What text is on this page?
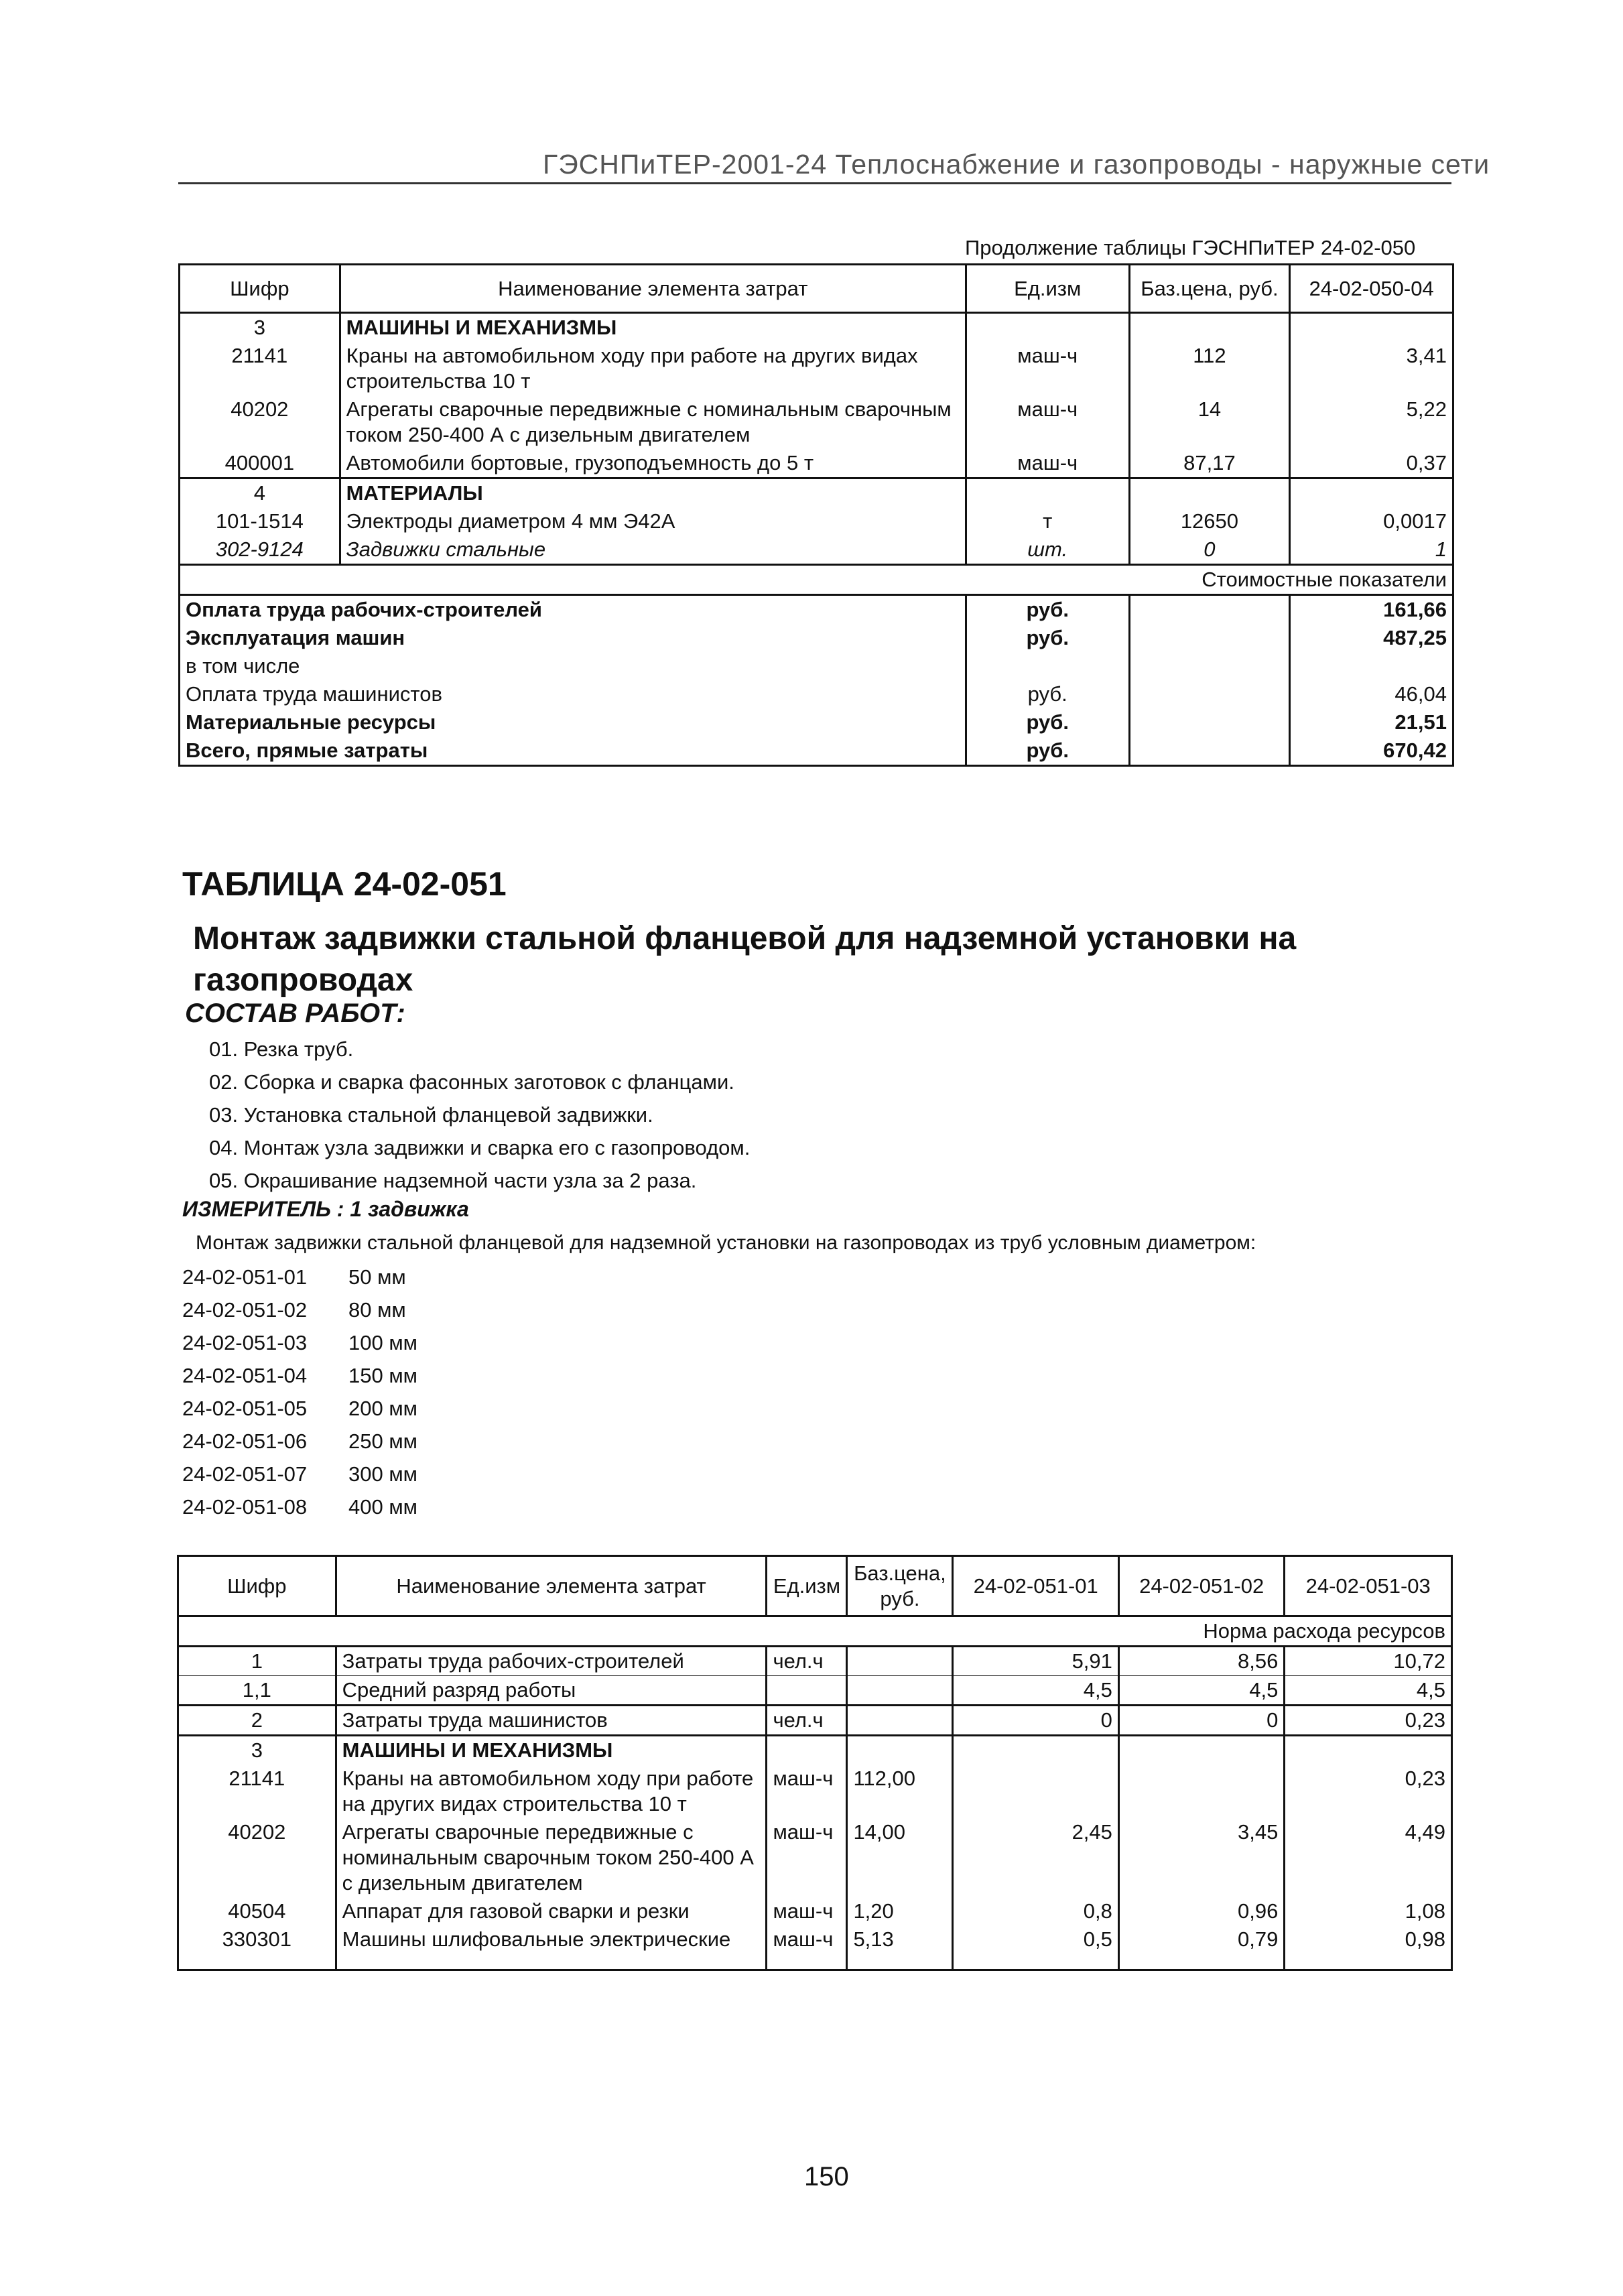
ГЭСНПиТЕР-2001-24 Теплоснабжение и газопроводы - наружные сети
Продолжение таблицы ГЭСНПиТЕР 24-02-050
Шифр	Наименование элемента затрат	Ед.изм	Баз.цена, руб.	24-02-050-04
3	МАШИНЫ И МЕХАНИЗМЫ			
21141	Краны на автомобильном ходу при работе на других видах строительства 10 т	маш-ч	112	3,41
40202	Агрегаты сварочные передвижные с номинальным сварочным током 250-400 А с дизельным двигателем	маш-ч	14	5,22
400001	Автомобили бортовые, грузоподъемность до 5 т	маш-ч	87,17	0,37
4	МАТЕРИАЛЫ			
101-1514	Электроды диаметром 4 мм Э42А	т	12650	0,0017
302-9124	Задвижки стальные	шт.	0	1
Стоимостные показатели				
Оплата труда рабочих-строителей		руб.		161,66
Эксплуатация машин		руб.		487,25
в том числе				
Оплата труда машинистов		руб.		46,04
Материальные ресурсы		руб.		21,51
Всего, прямые затраты		руб.		670,42
ТАБЛИЦА 24-02-051
Монтаж задвижки стальной фланцевой для надземной установки на газопроводах
СОСТАВ РАБОТ:
01. Резка труб.
02. Сборка и сварка фасонных заготовок с фланцами.
03. Установка стальной фланцевой задвижки.
04. Монтаж узла задвижки и сварка его с газопроводом.
05. Окрашивание надземной части узла за 2 раза.
ИЗМЕРИТЕЛЬ : 1 задвижка
Монтаж задвижки стальной фланцевой для надземной установки на газопроводах из труб условным диаметром:
24-02-051-01 50 мм
24-02-051-02 80 мм
24-02-051-03 100 мм
24-02-051-04 150 мм
24-02-051-05 200 мм
24-02-051-06 250 мм
24-02-051-07 300 мм
24-02-051-08 400 мм
Шифр	Наименование элемента затрат	Ед.изм	Баз.цена, руб.	24-02-051-01	24-02-051-02	24-02-051-03
Норма расхода ресурсов						
1	Затраты труда рабочих-строителей	чел.ч		5,91	8,56	10,72
1,1	Средний разряд работы			4,5	4,5	4,5
2	Затраты труда машинистов	чел.ч		0	0	0,23
3	МАШИНЫ И МЕХАНИЗМЫ					
21141	Краны на автомобильном ходу при работе на других видах строительства 10 т	маш-ч	112,00			0,23
40202	Агрегаты сварочные передвижные с номинальным сварочным током 250-400 А с дизельным двигателем	маш-ч	14,00	2,45	3,45	4,49
40504	Аппарат для газовой сварки и резки	маш-ч	1,20	0,8	0,96	1,08
330301	Машины шлифовальные электрические	маш-ч	5,13	0,5	0,79	0,98
150
